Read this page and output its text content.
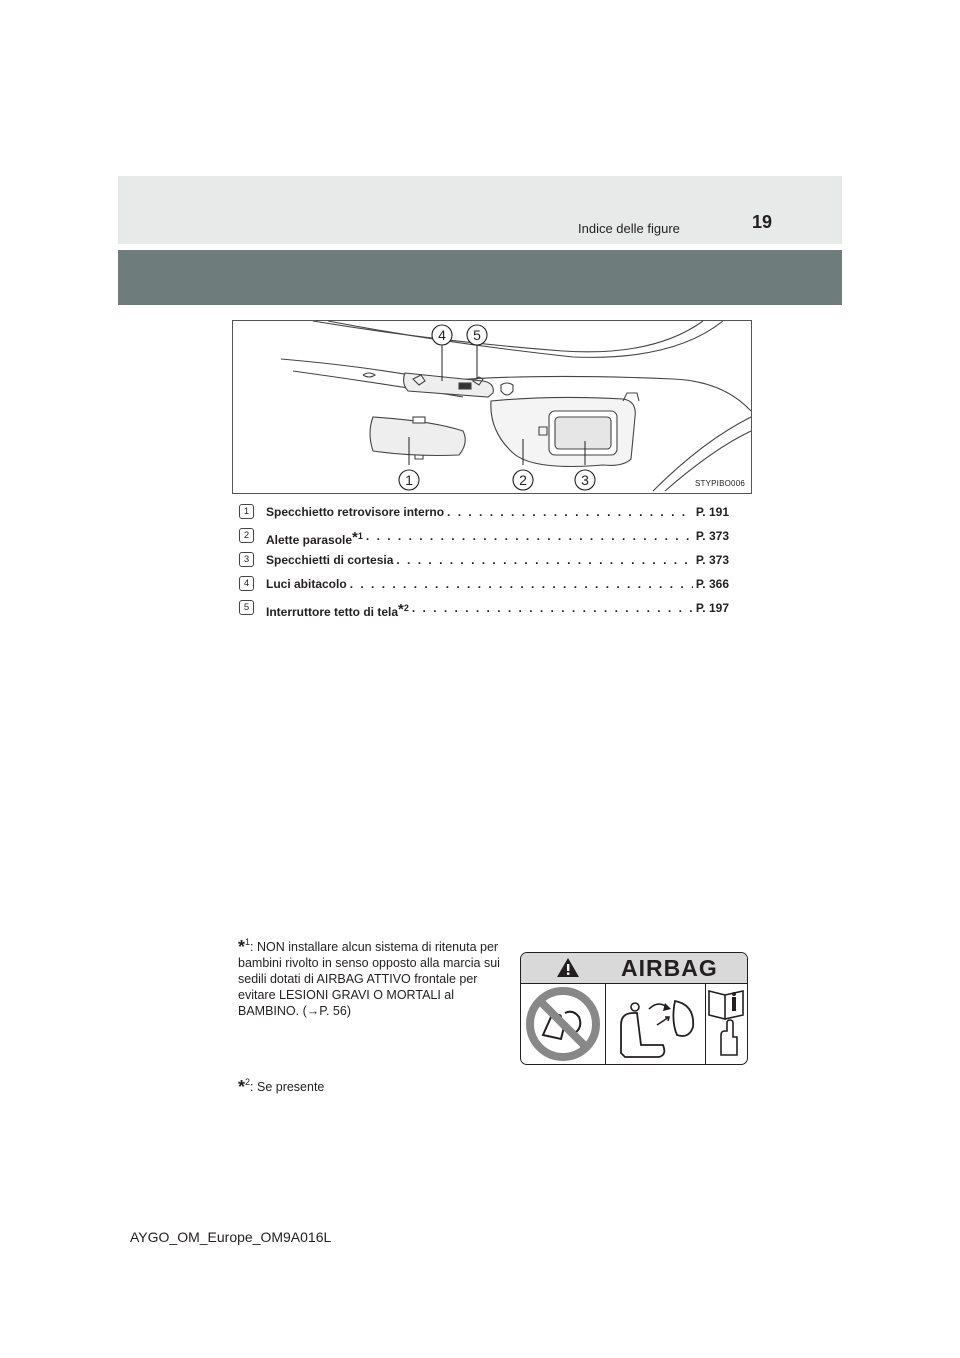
19
Indice delle figure
1	2	3
4 5
STYPIBO006
1	Specchietto retrovisore interno . . .	P. 191
2	Alette parasole*$^1$ . . .	P. 373
3	Specchietti di cortesia . . .	P. 373
4	Luci abitacolo . . .	P. 366
5	Interruttore tetto di tela*$^2$ . . .	P. 197
*$^1$: NON installare alcun sistema di ritenuta per bambini rivolto in senso opposto alla marcia sui sedili dotati di AIRBAG ATTIVO frontale per evitare LESIONI GRAVI O MORTALI al BAMBINO. (→P. 56)
*$^2$: Se presente
AIRBAG
AYGO_OM_Europe_OM9A016L
